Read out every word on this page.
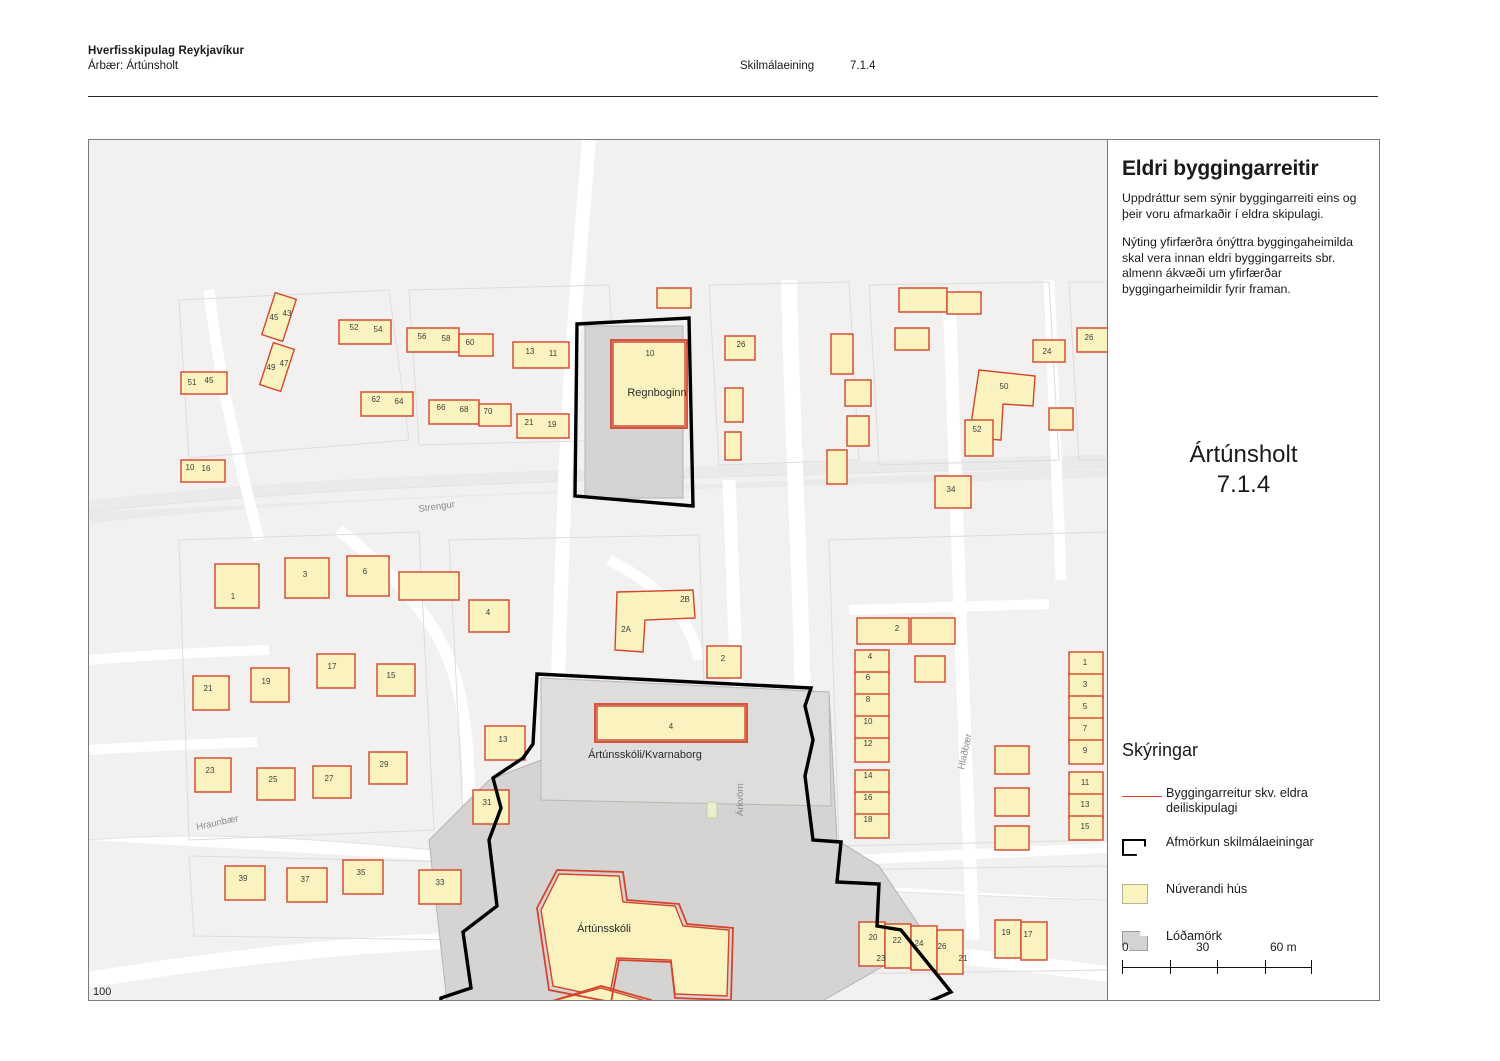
Hverfisskipulag Reykjavíkur
Árbær: Ártúnsholt	Skilmálaeining	7.1.4
Regnboginn
Ártúnsskóli/Kvarnaborg
Ártúnsskóli
Strengur
Árkvörn
Hlaðbær
Hraunbær
52 54
56 58 60
13 11	10
26
24
26
45 43
49 47
51 45
62 64
66 68 70
21 19
10 16
50
52
34
1
3	6
4
2B
2A
2
17
15
19
21
13
23
25	27
29
31
39	37
35
33
4
2
4
6
8
10
12
14
16
18
1
3
5
7
9
11
13
15
20 22 24 26
23	21
19 17
100
Eldri byggingarreitir

Uppdráttur sem sýnir byggingarreiti eins og þeir voru afmarkaðir í eldra skipulagi.

Nýting yfirfærðra ónýttra byggingaheimilda skal vera innan eldri byggingarreits sbr. almenn ákvæði um yfirfærðar byggingarheimildir fyrir framan.

Ártúnsholt
7.1.4
Skýringar
Byggingarreitur skv. eldra deiliskipulagi
Afmörkun skilmálaeiningar
Núverandi hús
Lóðamörk
0	30	60 m
